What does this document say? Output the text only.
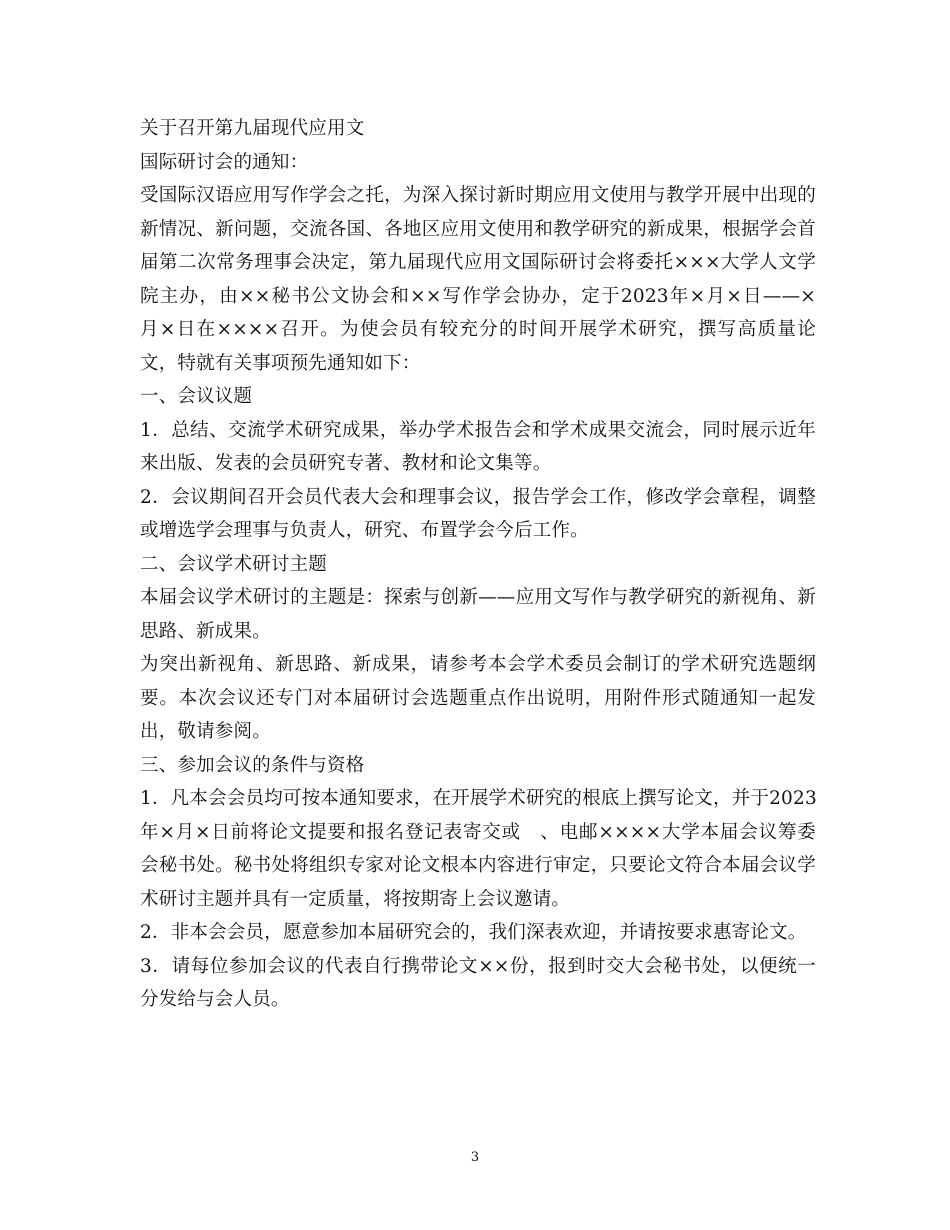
关于召开第九届现代应用文
国际研讨会的通知：
受国际汉语应用写作学会之托，为深入探讨新时期应用文使用与教学开展中出现的
新情况、新问题，交流各国、各地区应用文使用和教学研究的新成果，根据学会首
届第二次常务理事会决定，第九届现代应用文国际研讨会将委托×××大学人文学
院主办，由××秘书公文协会和××写作学会协办，定于2023年×月×日——×
月×日在××××召开。为使会员有较充分的时间开展学术研究，撰写高质量论
文，特就有关事项预先通知如下：
一、会议议题
1．总结、交流学术研究成果，举办学术报告会和学术成果交流会，同时展示近年
来出版、发表的会员研究专著、教材和论文集等。
2．会议期间召开会员代表大会和理事会议，报告学会工作，修改学会章程，调整
或增选学会理事与负责人，研究、布置学会今后工作。
二、会议学术研讨主题
本届会议学术研讨的主题是：探索与创新——应用文写作与教学研究的新视角、新
思路、新成果。
为突出新视角、新思路、新成果，请参考本会学术委员会制订的学术研究选题纲
要。本次会议还专门对本届研讨会选题重点作出说明，用附件形式随通知一起发
出，敬请参阅。
三、参加会议的条件与资格
1．凡本会会员均可按本通知要求，在开展学术研究的根底上撰写论文，并于2023
年×月×日前将论文提要和报名登记表寄交或　、电邮××××大学本届会议筹委
会秘书处。秘书处将组织专家对论文根本内容进行审定，只要论文符合本届会议学
术研讨主题并具有一定质量，将按期寄上会议邀请。
2．非本会会员，愿意参加本届研究会的，我们深表欢迎，并请按要求惠寄论文。
3．请每位参加会议的代表自行携带论文××份，报到时交大会秘书处，以便统一
分发给与会人员。
3
